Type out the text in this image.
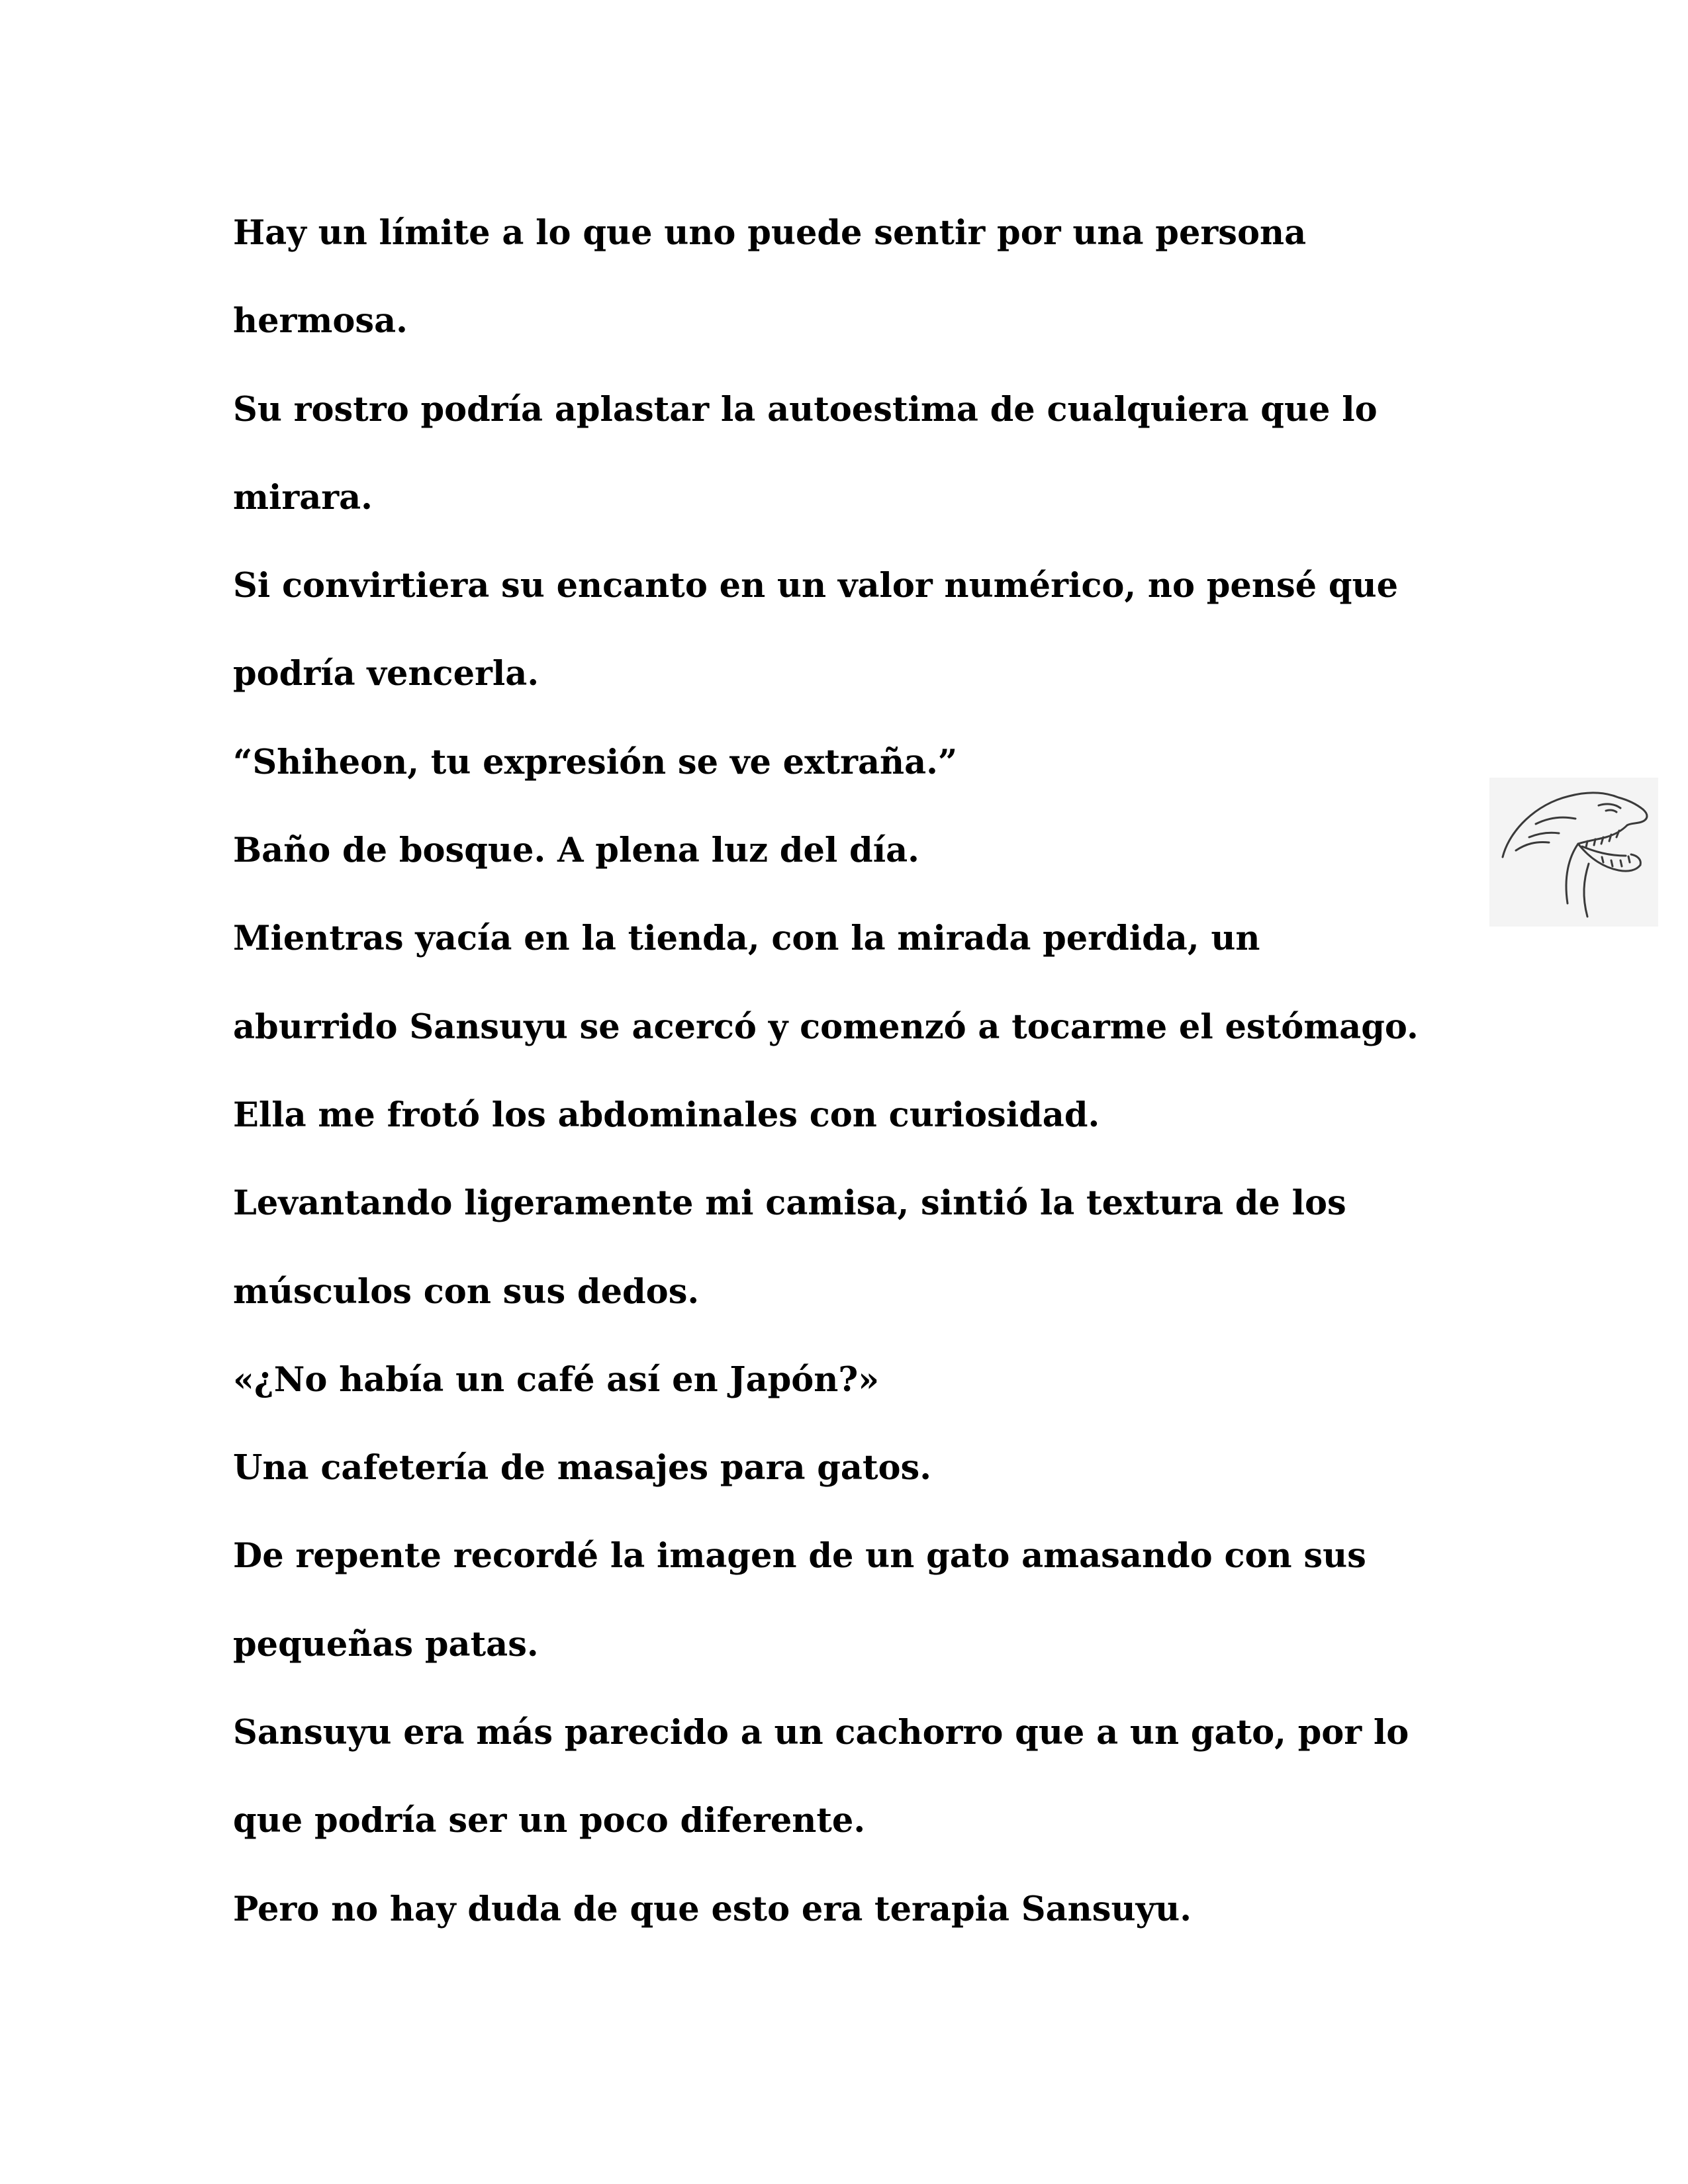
Hay un límite a lo que uno puede sentir por una persona

hermosa.

Su rostro podría aplastar la autoestima de cualquiera que lo

mirara.

Si convirtiera su encanto en un valor numérico, no pensé que

podría vencerla.

“Shiheon, tu expresión se ve extraña.”

Baño de bosque. A plena luz del día.

Mientras yacía en la tienda, con la mirada perdida, un

aburrido Sansuyu se acercó y comenzó a tocarme el estómago.

Ella me frotó los abdominales con curiosidad.

Levantando ligeramente mi camisa, sintió la textura de los

músculos con sus dedos.

«¿No había un café así en Japón?»

Una cafetería de masajes para gatos.

De repente recordé la imagen de un gato amasando con sus

pequeñas patas.

Sansuyu era más parecido a un cachorro que a un gato, por lo

que podría ser un poco diferente.

Pero no hay duda de que esto era terapia Sansuyu.
